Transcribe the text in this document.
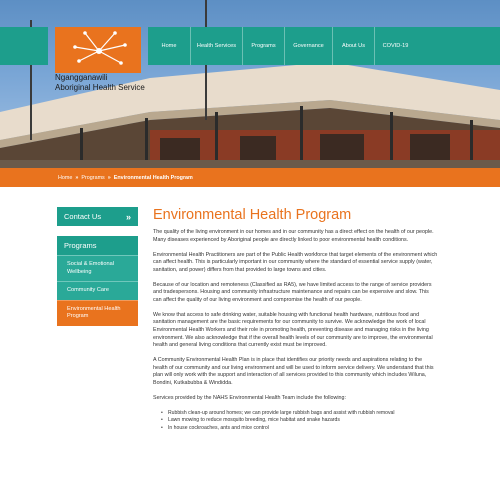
Home	Health Services	Programs	Governance	About Us	COVID-19
Ngangganawili
Aboriginal Health Service
Home » Programs » Environmental Health Program
Contact Us	»
Programs
Social & Emotional Wellbeing
Community Care
Environmental Health Program
Environmental Health Program

The quality of the living environment in our homes and in our community has a direct effect on the health of our people. Many diseases experienced by Aboriginal people are directly linked to poor environmental health conditions.

Environmental Health Practitioners are part of the Public Health workforce that target elements of the environment which can affect health. This is particularly important in our community where the standard of essential service supply (water, sanitation, and power) differs from that provided to large towns and cities.

Because of our location and remoteness (Classified as RA5), we have limited access to the range of service providers and tradespersons. Housing and community infrastructure maintenance and repairs can be expensive and slow. This can affect the quality of our living environment and compromise the health of our people.

We know that access to safe drinking water, suitable housing with functional health hardware, nutritious food and sanitation management are the basic requirements for our community to survive. We acknowledge the work of local Environmental Health Workers and their role in promoting health, preventing disease and managing risks in the living environment. We also acknowledge that if the overall health levels of our community are to improve, the environmental health and general living conditions that currently exist must be improved.

A Community Environmental Health Plan is in place that identifies our priority needs and aspirations relating to the health of our community and our living environment and will be used to inform service delivery. We understand that this plan will only work with the support and interaction of all services provided to this community which includes Wiluna, Bondini, Kutkabubba & Windidda.

Services provided by the NAHS Environmental Health Team include the following:

• Rubbish clean-up around homes; we can provide large rubbish bags and assist with rubbish removal
• Lawn mowing to reduce mosquito breeding, mice habitat and snake hazards
• In house cockroaches, ants and mice control
